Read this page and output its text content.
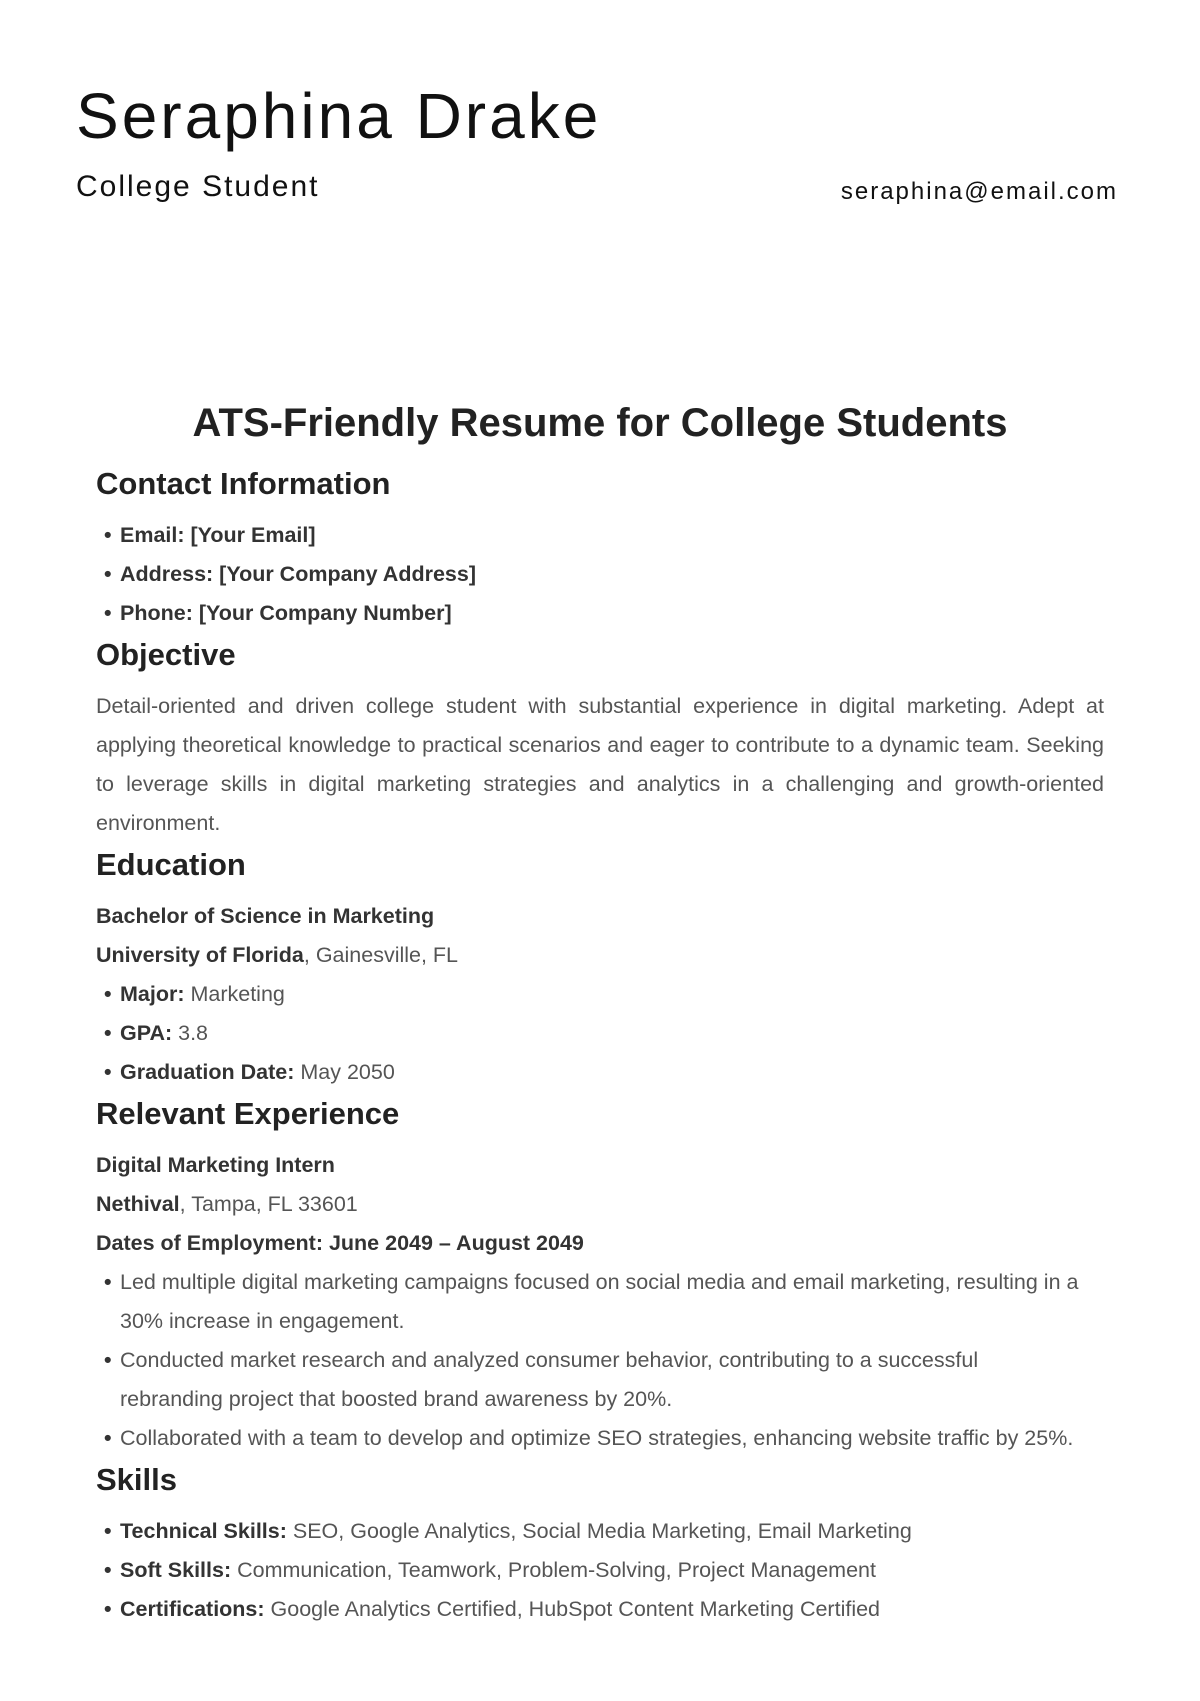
Seraphina Drake
College Student	seraphina@email.com
ATS-Friendly Resume for College Students
Contact Information
• Email: [Your Email]
• Address: [Your Company Address]
• Phone: [Your Company Number]
Objective

Detail-oriented and driven college student with substantial experience in digital marketing. Adept at applying theoretical knowledge to practical scenarios and eager to contribute to a dynamic team. Seeking to leverage skills in digital marketing strategies and analytics in a challenging and growth-oriented environment.

Education
Bachelor of Science in Marketing
University of Florida, Gainesville, FL
• Major: Marketing
• GPA: 3.8
• Graduation Date: May 2050
Relevant Experience
Digital Marketing Intern
Nethival, Tampa, FL 33601
Dates of Employment: June 2049 – August 2049
• Led multiple digital marketing campaigns focused on social media and email marketing, resulting in a 30% increase in engagement.
• Conducted market research and analyzed consumer behavior, contributing to a successful rebranding project that boosted brand awareness by 20%.
• Collaborated with a team to develop and optimize SEO strategies, enhancing website traffic by 25%.
Skills
• Technical Skills: SEO, Google Analytics, Social Media Marketing, Email Marketing
• Soft Skills: Communication, Teamwork, Problem-Solving, Project Management
• Certifications: Google Analytics Certified, HubSpot Content Marketing Certified
